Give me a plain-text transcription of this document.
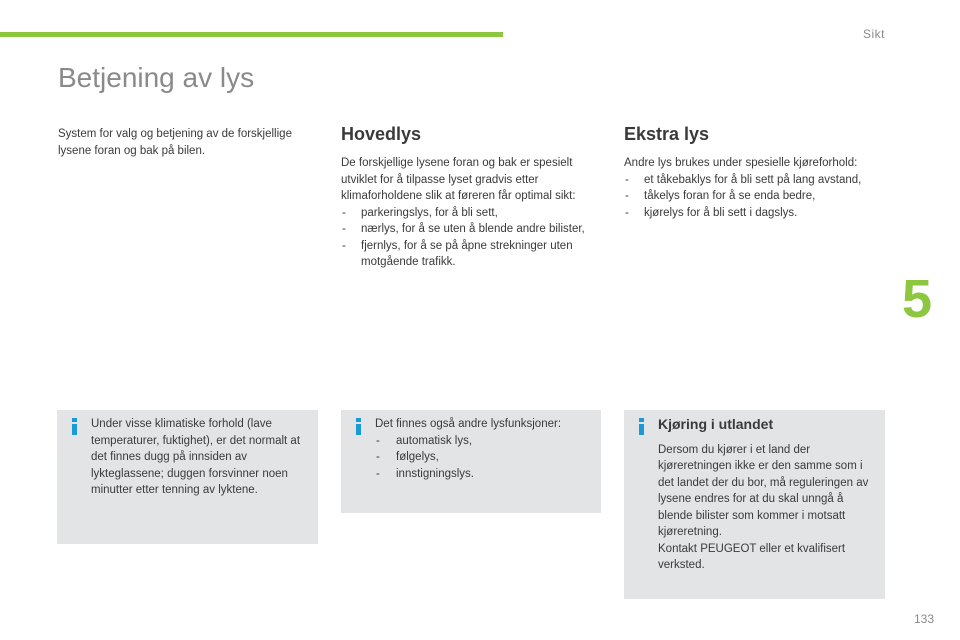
Sikt
5
Betjening av lys

System for valg og betjening av de forskjellige lysene foran og bak på bilen.

Hovedlys

De forskjellige lysene foran og bak er spesielt utviklet for å tilpasse lyset gradvis etter klimaforholdene slik at føreren får optimal sikt:

- parkeringslys, for å bli sett,
- nærlys, for å se uten å blende andre bilister,
- fjernlys, for å se på åpne strekninger uten motgående trafikk.
Ekstra lys

Andre lys brukes under spesielle kjøreforhold:

- et tåkebaklys for å bli sett på lang avstand,
- tåkelys foran for å se enda bedre,
- kjørelys for å bli sett i dagslys.

Under visse klimatiske forhold (lave temperaturer, fuktighet), er det normalt at det finnes dugg på innsiden av lykteglassene; duggen forsvinner noen minutter etter tenning av lyktene.

Det finnes også andre lysfunksjoner:

- automatisk lys,
- følgelys,
- innstigningslys.
Kjøring i utlandet

Dersom du kjører i et land der kjøreretningen ikke er den samme som i det landet der du bor, må reguleringen av lysene endres for at du skal unngå å blende bilister som kommer i motsatt kjøreretning.

Kontakt PEUGEOT eller et kvalifisert verksted.

133
